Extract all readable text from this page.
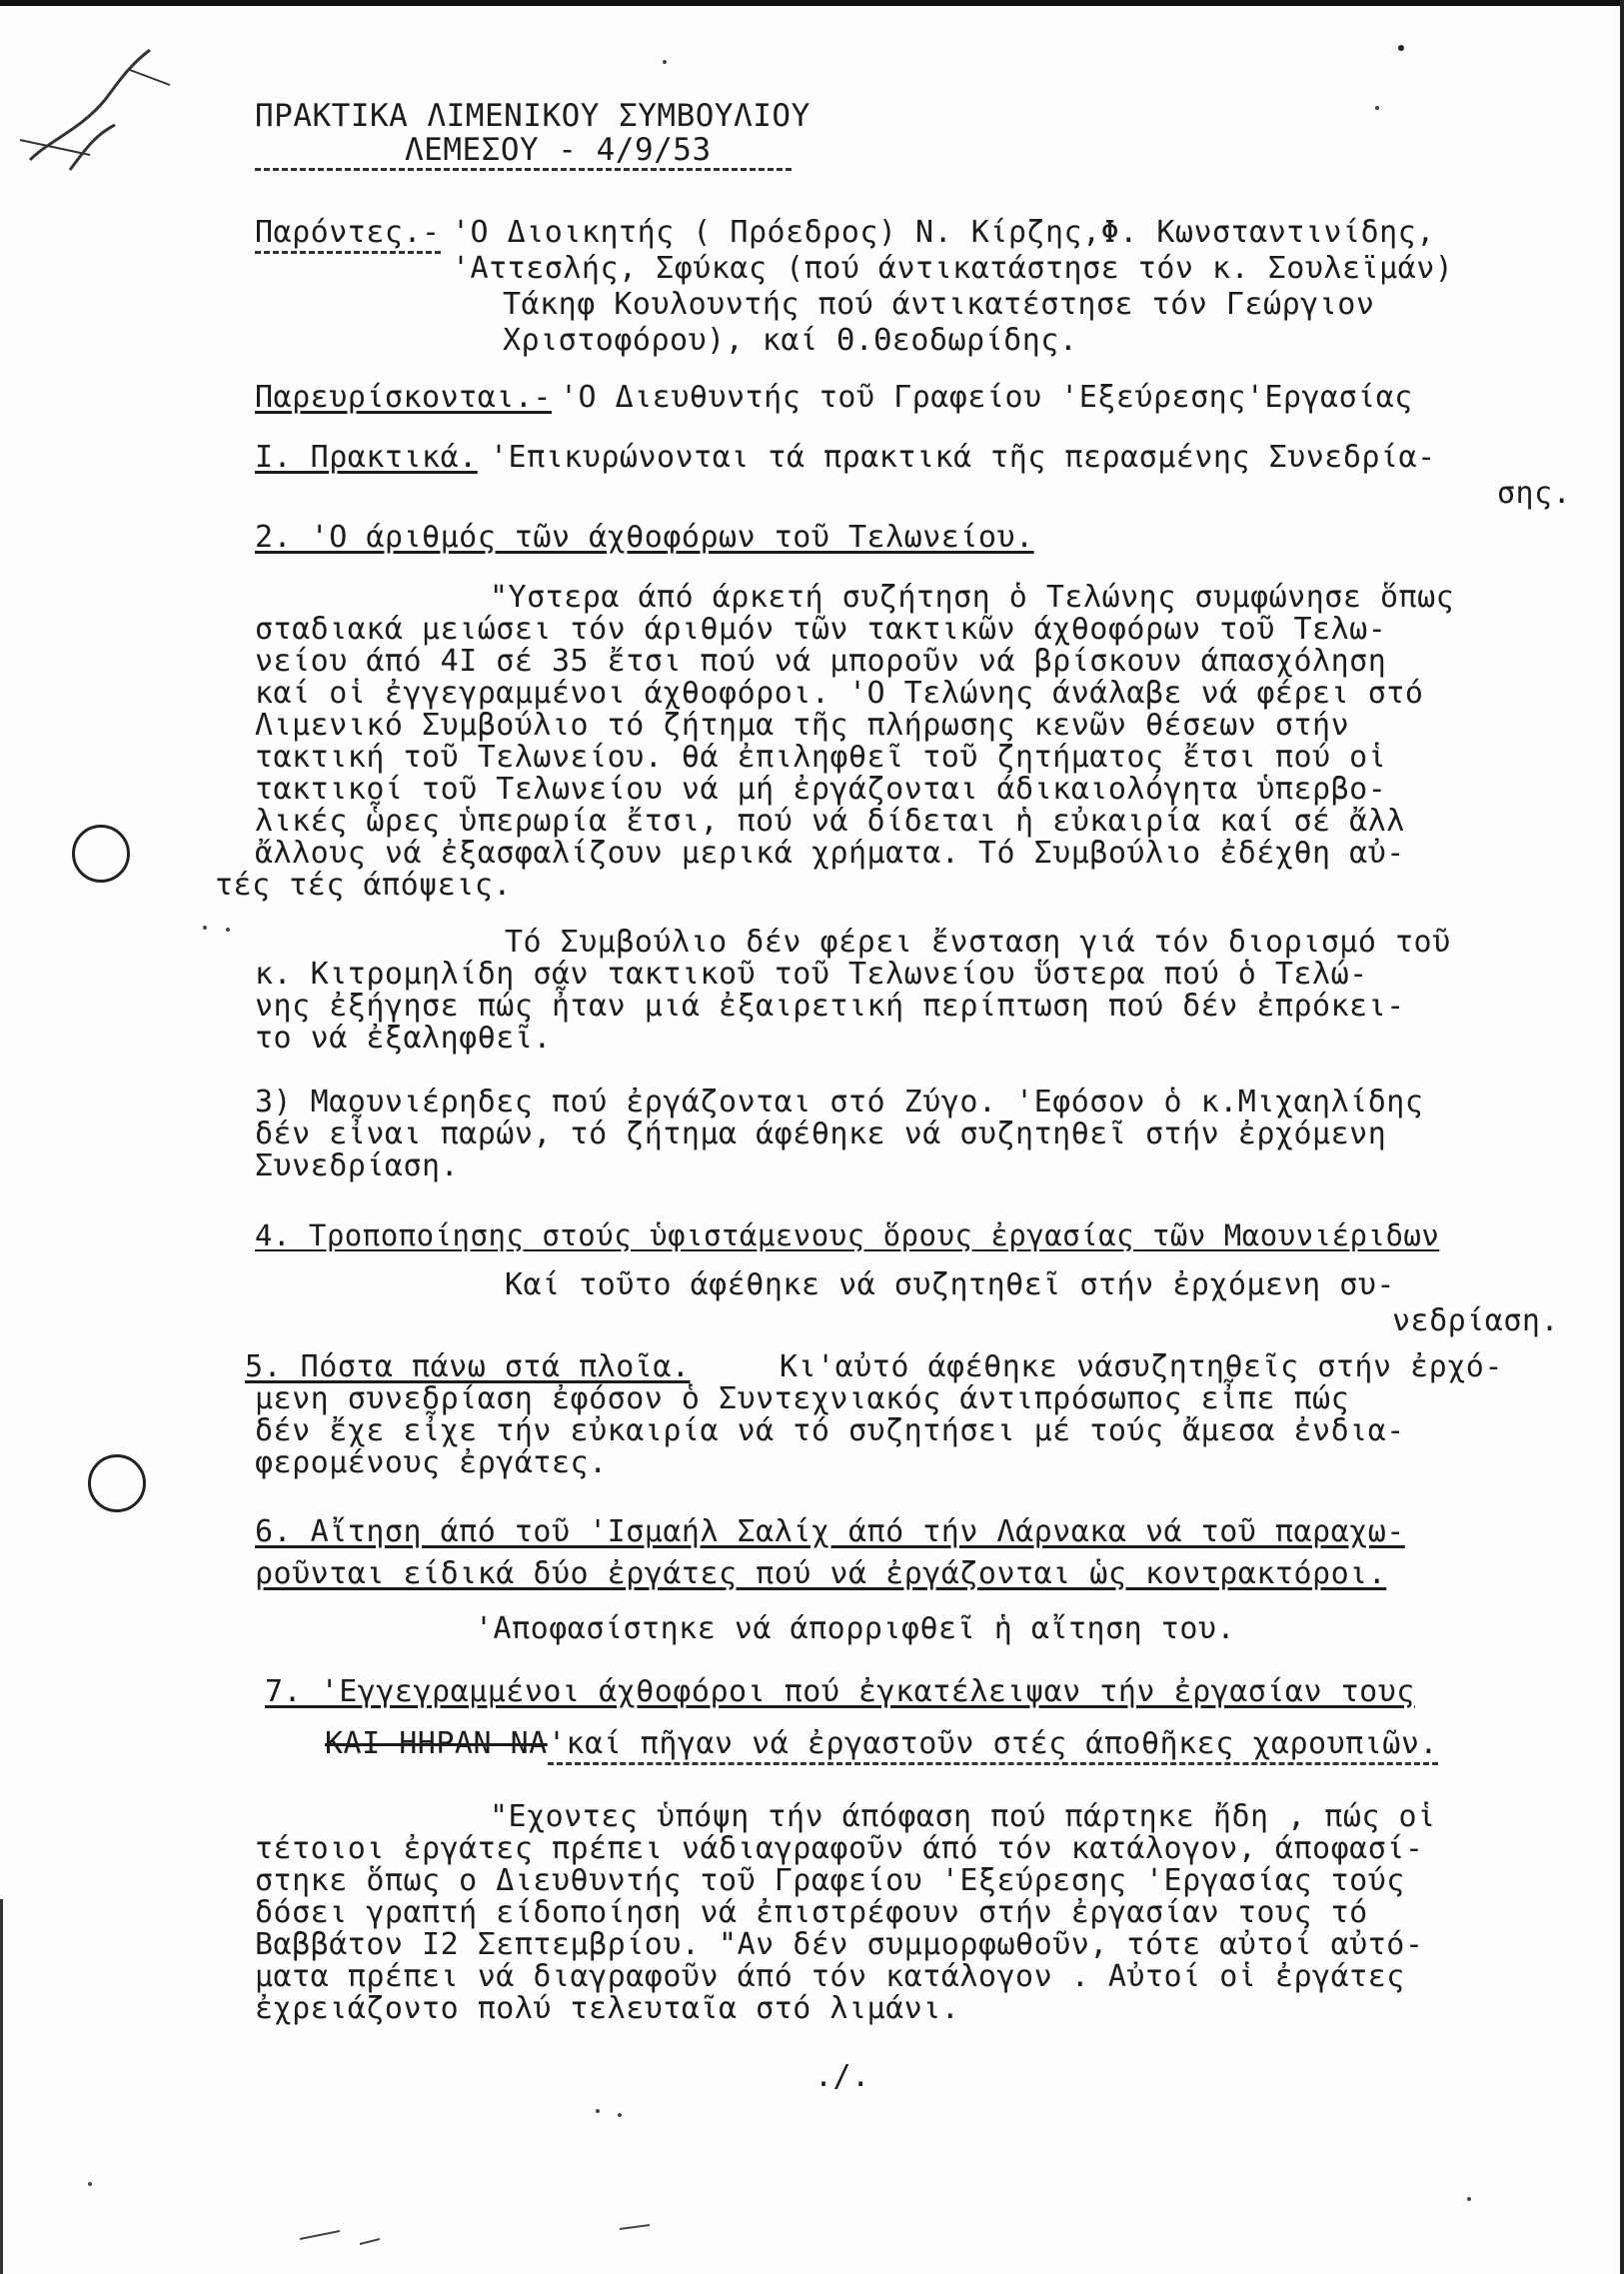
ΠΡΑΚΤΙΚΑ ΛΙΜΕΝΙΚΟΥ ΣΥΜΒΟΥΛΙΟΥ
ΛΕΜΕΣΟΥ - 4/9/53
Παρόντες.- 'Ο Διοικητής ( Πρόεδρος) Ν. Κίρζης,Φ. Κωνσταντινίδης,
'Αττεσλής, Σφύκας (πού άντικατάστησε τόν κ. Σουλεϊμάν)
Τάκηφ Κουλουντής πού άντικατέστησε τόν Γεώργιον
Χριστοφόρου), καί Θ.Θεοδωρίδης.
Παρευρίσκονται.- 'Ο Διευθυντής τοῦ Γραφείου 'Εξεύρεσης'Εργασίας
Ι. Πρακτικά. 'Επικυρώνονται τά πρακτικά τῆς περασμένης Συνεδρία-
σης.
2. 'Ο άριθμός τῶν άχθοφόρων τοῦ Τελωνείου.
"Υστερα άπό άρκετή συζήτηση ὁ Τελώνης συμφώνησε ὅπως
σταδιακά μειώσει τόν άριθμόν τῶν τακτικῶν άχθοφόρων τοῦ Τελω-
νείου άπό 4Ι σέ 35 ἔτσι πού νά μποροῦν νά βρίσκουν άπασχόληση
καί οἱ ἐγγεγραμμένοι άχθοφόροι. 'Ο Τελώνης άνάλαβε νά φέρει στό
Λιμενικό Συμβούλιο τό ζήτημα τῆς πλήρωσης κενῶν θέσεων στήν
τακτική τοῦ Τελωνείου. θά ἐπιληφθεῖ τοῦ ζητήματος ἔτσι πού οἱ
τακτικοί τοῦ Τελωνείου νά μή ἐργάζονται άδικαιολόγητα ὑπερβο-
λικές ὧρες ὑπερωρία ἔτσι, πού νά δίδεται ἡ εὐκαιρία καί σέ ἄλλ
ἄλλους νά ἐξασφαλίζουν μερικά χρήματα. Τό Συμβούλιο ἐδέχθη αὐ-
τές τές άπόψεις.
Τό Συμβούλιο δέν φέρει ἔνσταση γιά τόν διορισμό τοῦ
κ. Κιτρομηλίδη σάν τακτικοῦ τοῦ Τελωνείου ὕστερα πού ὁ Τελώ-
νης ἐξήγησε πώς ἦταν μιά ἐξαιρετική περίπτωση πού δέν ἐπρόκει-
το νά ἐξαληφθεῖ.
3) Μαουνιέρηδες πού ἐργάζονται στό Ζύγο. 'Εφόσον ὁ κ.Μιχαηλίδης
δέν εἶναι παρών, τό ζήτημα άφέθηκε νά συζητηθεῖ στήν ἐρχόμενη
Συνεδρίαση.
4. Τροποποίησης στούς ὑφιστάμενους ὅρους ἐργασίας τῶν Μαουνιέριδων
Καί τοῦτο άφέθηκε νά συζητηθεῖ στήν ἐρχόμενη συ-
νεδρίαση.
5. Πόστα πάνω στά πλοῖα.	Κι'αὐτό άφέθηκε νάσυζητηθεῖς στήν ἐρχό-
μενη συνεδρίαση ἐφόσον ὁ Συντεχνιακός άντιπρόσωπος εἶπε πώς
δέν ἔχε εἶχε τήν εὐκαιρία νά τό συζητήσει μέ τούς ἄμεσα ἐνδια-
φερομένους ἐργάτες.
6. Αἴτηση άπό τοῦ 'Ισμαήλ Σαλίχ άπό τήν Λάρνακα νά τοῦ παραχω-
ροῦνται είδικά δύο ἐργάτες πού νά ἐργάζονται ὡς κοντρακτόροι.
'Αποφασίστηκε νά άπορριφθεῖ ἡ αἴτηση του.
7. 'Εγγεγραμμένοι άχθοφόροι πού ἐγκατέλειψαν τήν ἐργασίαν τους
ΚΑΙ-ΗΗΡΑΝ-ΝΑ 'καί πῆγαν νά ἐργαστοῦν στές άποθῆκες χαρουπιῶν.
"Εχοντες ὑπόψη τήν άπόφαση πού πάρτηκε ἤδη , πώς οἱ
τέτοιοι ἐργάτες πρέπει νάδιαγραφοῦν άπό τόν κατάλογον, άποφασί-
στηκε ὅπως ο Διευθυντής τοῦ Γραφείου 'Εξεύρεσης 'Εργασίας τούς
δόσει γραπτή είδοποίηση νά ἐπιστρέφουν στήν ἐργασίαν τους τό
Βαββάτον Ι2 Σεπτεμβρίου. "Αν δέν συμμορφωθοῦν, τότε αὐτοί αὐτό-
ματα πρέπει νά διαγραφοῦν άπό τόν κατάλογον . Αὐτοί οἱ ἐργάτες
ἐχρειάζοντο πολύ τελευταῖα στό λιμάνι.
./.
